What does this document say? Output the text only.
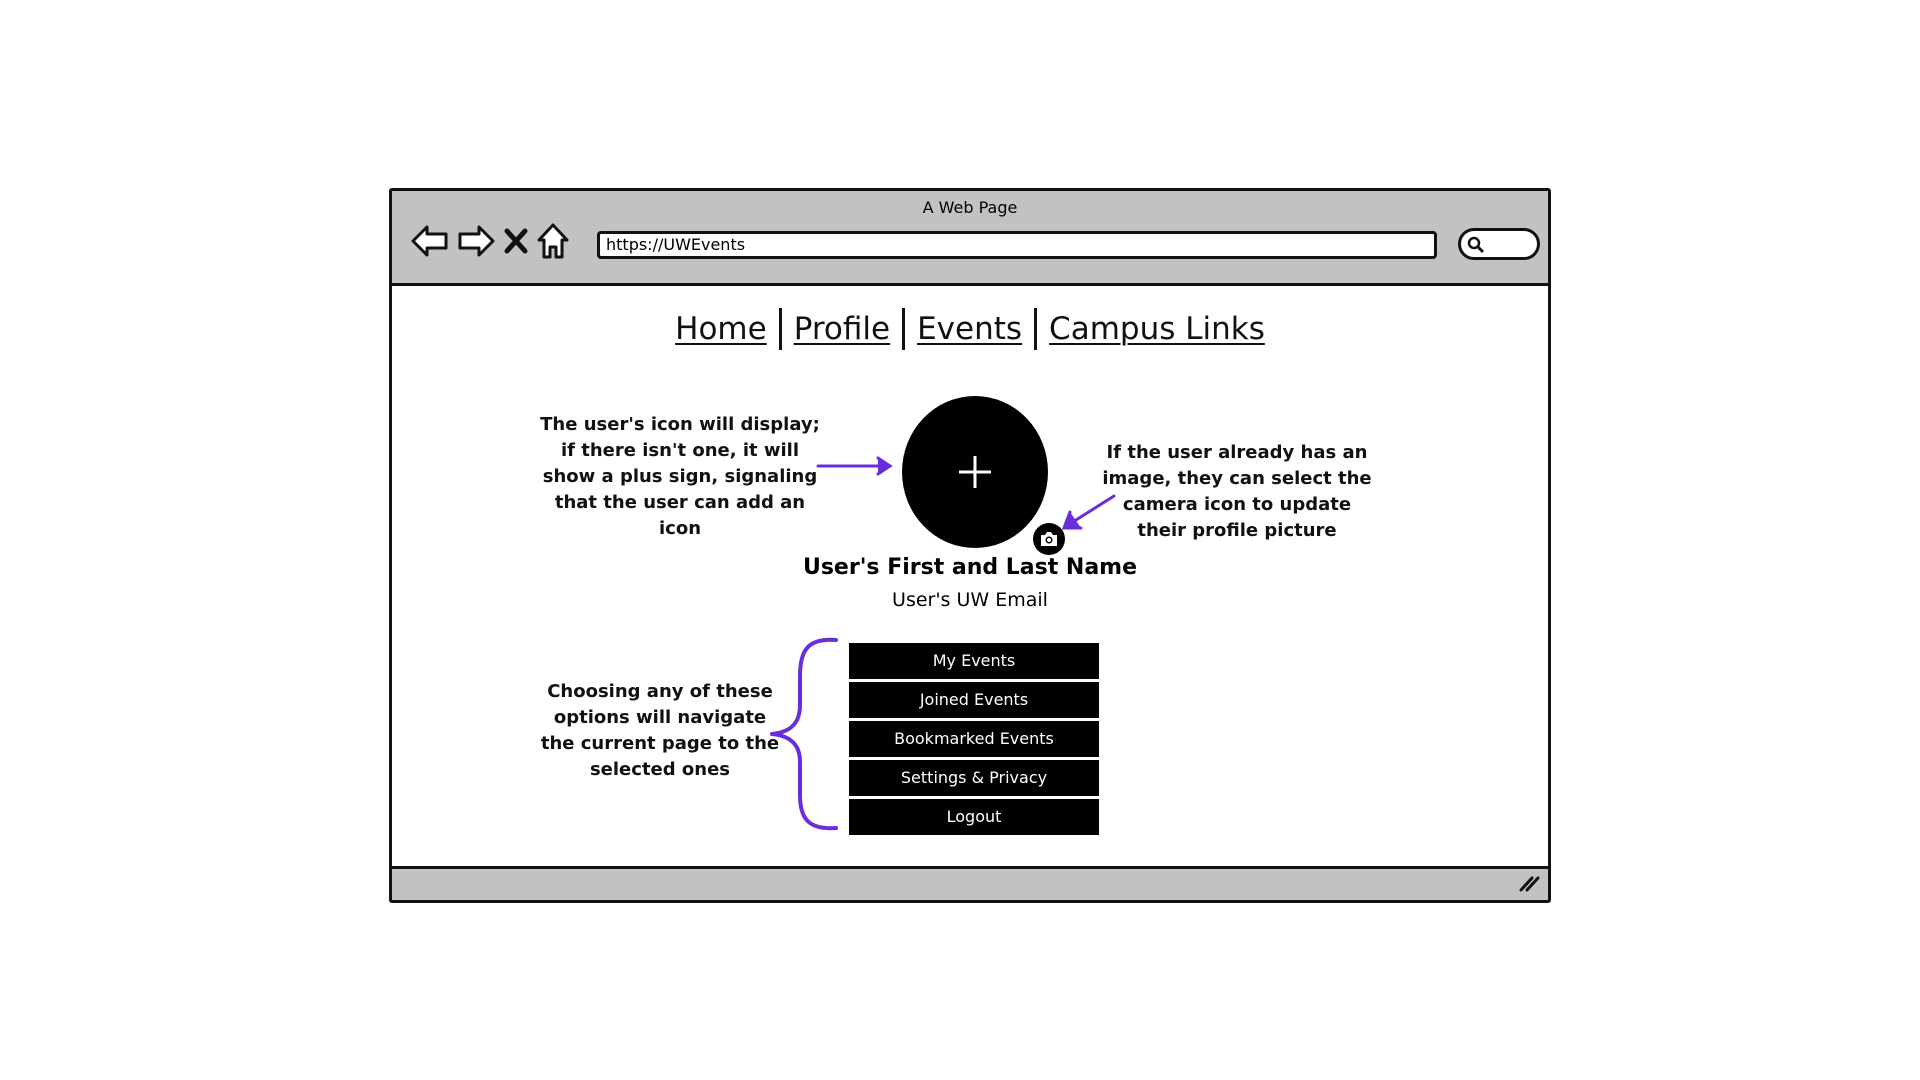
A Web Page
https://UWEvents
Home Profile Events Campus Links
User's First and Last Name
User's UW Email
My Events
Joined Events
Bookmarked Events
Settings & Privacy
Logout
The user's icon will display; if there isn't one, it will show a plus sign, signaling that the user can add an icon
If the user already has an image, they can select the camera icon to update their profile picture
Choosing any of these options will navigate the current page to the selected ones
